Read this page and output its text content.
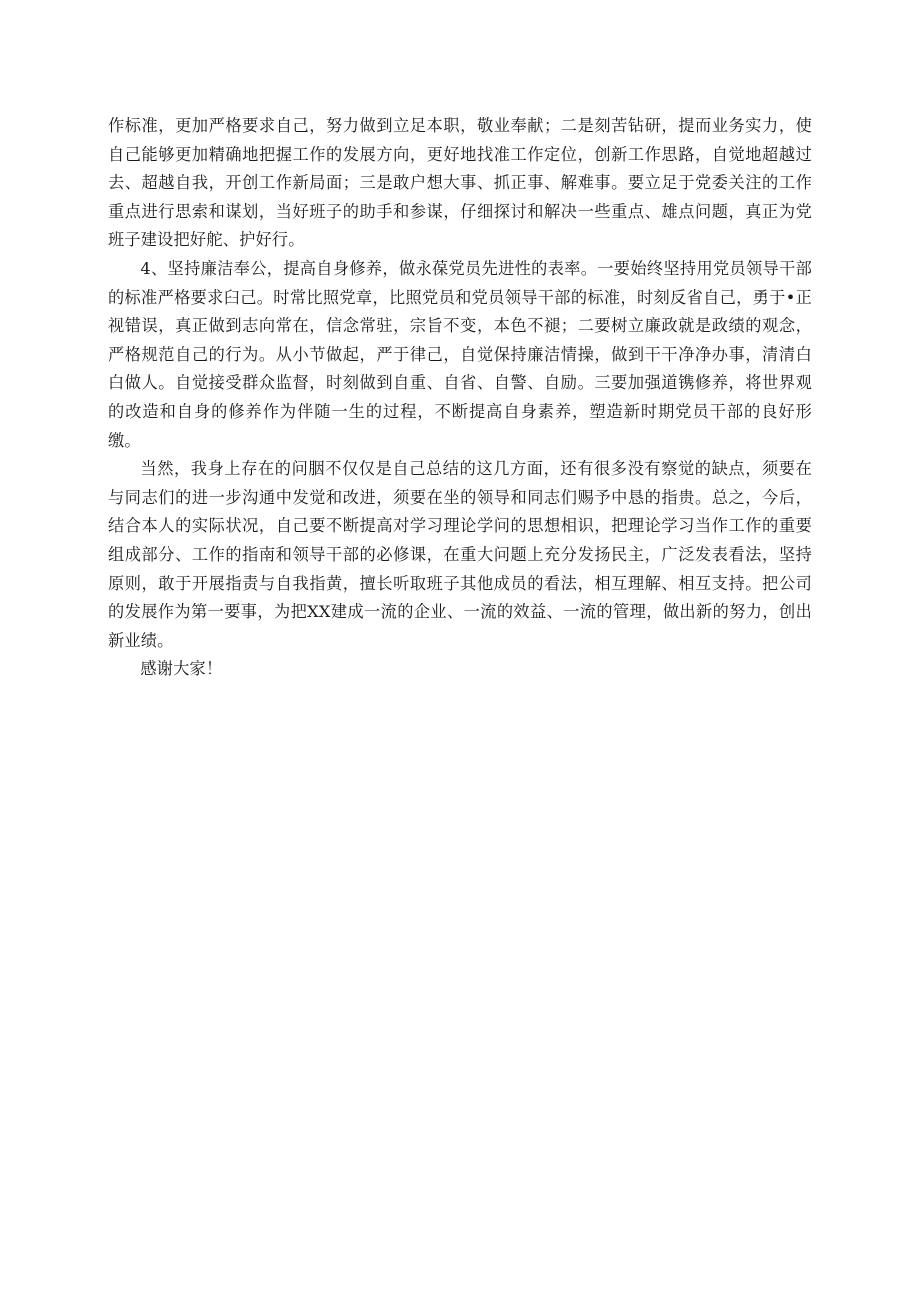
作标准，更加严格要求自己，努力做到立足本职，敬业奉献；二是刻苦钻研，提而业务实力，使自己能够更加精确地把握工作的发展方向，更好地找准工作定位，创新工作思路，自觉地超越过去、超越自我，开创工作新局面；三是敢户想大事、抓正事、解难事。要立足于党委关注的工作重点进行思索和谋划，当好班子的助手和参谋，仔细探讨和解决一些重点、雄点问题，真正为党班子建设把好舵、护好行。

4、坚持廉洁奉公，提高自身修养，做永葆党员先进性的表率。一要始终坚持用党员领导干部的标准严格要求臼己。时常比照党章，比照党员和党员领导干部的标准，时刻反省自己，勇于•正视错误，真正做到志向常在，信念常驻，宗旨不变，本色不褪；二要树立廉政就是政绩的观念，严格规范自己的行为。从小节做起，严于律己，自觉保持廉洁情操，做到干干净净办事，清清白白做人。自觉接受群众监督，时刻做到自重、自省、自警、自励。三要加强道镌修养，将世界观的改造和自身的修养作为伴随一生的过程，不断提高自身素养，塑造新时期党员干部的良好形缴。

当然，我身上存在的问胭不仅仅是自己总结的这几方面，还有很多没有察觉的缺点，须要在与同志们的进一步沟通中发觉和改进，须要在坐的领导和同志们赐予中恳的指贵。总之，今后，结合本人的实际状况，自己要不断提高对学习理论学问的思想相识，把理论学习当作工作的重要组成部分、工作的指南和领导干部的必修课，在重大问题上充分发扬民主，广泛发表看法，坚持原则，敢于开展指责与自我指黄，擅长听取班子其他成员的看法，相互理解、相互支持。把公司的发展作为第一要事，为把XX建成一流的企业、一流的效益、一流的管理，做出新的努力，创出新业绩。

感谢大家！
